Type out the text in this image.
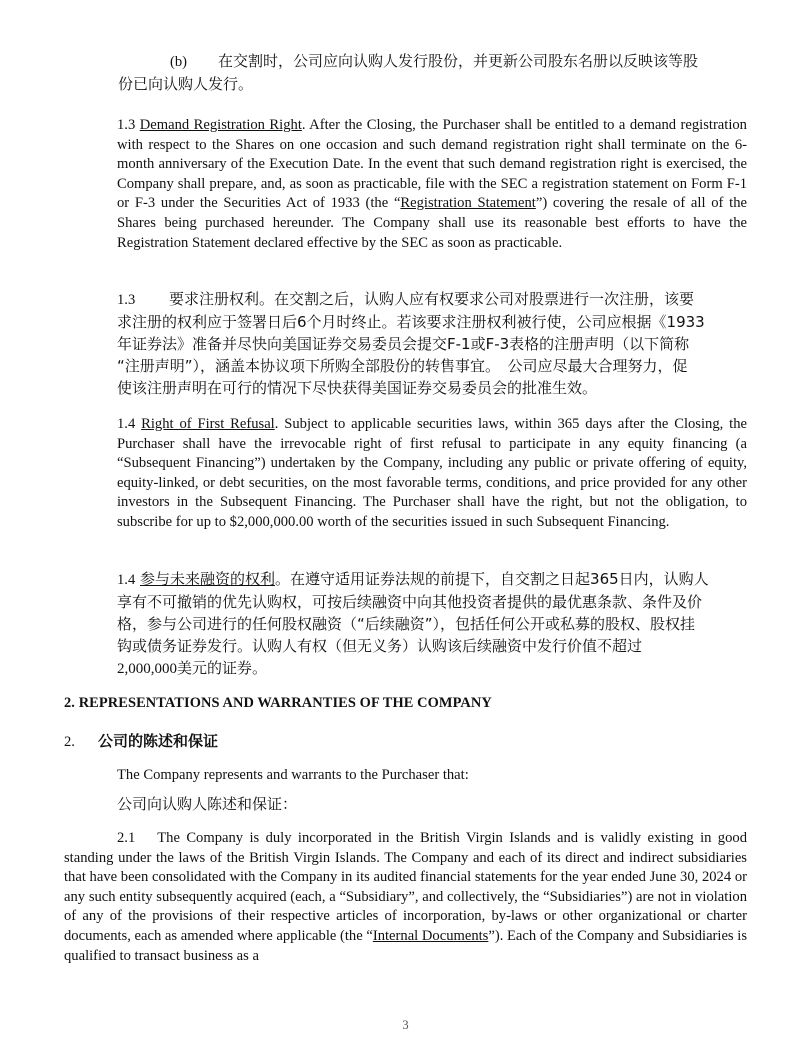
(b) 在交割时，公司应向认购人发行股份，并更新公司股东名册以反映该等股
份已向认购人发行。

1.3 Demand Registration Right. After the Closing, the Purchaser shall be entitled to a demand registration with respect to the Shares on one occasion and such demand registration right shall terminate on the 6-month anniversary of the Execution Date. In the event that such demand registration right is exercised, the Company shall prepare, and, as soon as practicable, file with the SEC a registration statement on Form F-1 or F-3 under the Securities Act of 1933 (the “Registration Statement”) covering the resale of all of the Shares being purchased hereunder. The Company shall use its reasonable best efforts to have the Registration Statement declared effective by the SEC as soon as practicable.

1.3 要求注册权利。在交割之后，认购人应有权要求公司对股票进行一次注册，该要
求注册的权利应于签署日后6个月时终止。若该要求注册权利被行使，公司应根据《1933
年证券法》准备并尽快向美国证券交易委员会提交F-1或F-3表格的注册声明（以下简称
“注册声明”），涵盖本协议项下所购全部股份的转售事宜。　公司应尽最大合理努力，促
使该注册声明在可行的情况下尽快获得美国证券交易委员会的批准生效。

1.4 Right of First Refusal. Subject to applicable securities laws, within 365 days after the Closing, the Purchaser shall have the irrevocable right of first refusal to participate in any equity financing (a “Subsequent Financing”) undertaken by the Company, including any public or private offering of equity, equity-linked, or debt securities, on the most favorable terms, conditions, and price provided for any other investors in the Subsequent Financing. The Purchaser shall have the right, but not the obligation, to subscribe for up to $2,000,000.00 worth of the securities issued in such Subsequent Financing.

1.4 参与未来融资的权利。在遵守适用证券法规的前提下，自交割之日起365日内，认购人
享有不可撤销的优先认购权，可按后续融资中向其他投资者提供的最优惠条款、条件及价
格，参与公司进行的任何股权融资（“后续融资”），包括任何公开或私募的股权、股权挂
钩或债务证券发行。认购人有权（但无义务）认购该后续融资中发行价值不超过
2,000,000美元的证券。

2. REPRESENTATIONS AND WARRANTIES OF THE COMPANY

2. 公司的陈述和保证

The Company represents and warrants to the Purchaser that:

公司向认购人陈述和保证：

2.1 The Company is duly incorporated in the British Virgin Islands and is validly existing in good standing under the laws of the British Virgin Islands. The Company and each of its direct and indirect subsidiaries that have been consolidated with the Company in its audited financial statements for the year ended June 30, 2024 or any such entity subsequently acquired (each, a “Subsidiary”, and collectively, the “Subsidiaries”) are not in violation of any of the provisions of their respective articles of incorporation, by-laws or other organizational or charter documents, each as amended where applicable (the “Internal Documents”). Each of the Company and Subsidiaries is qualified to transact business as a

3
